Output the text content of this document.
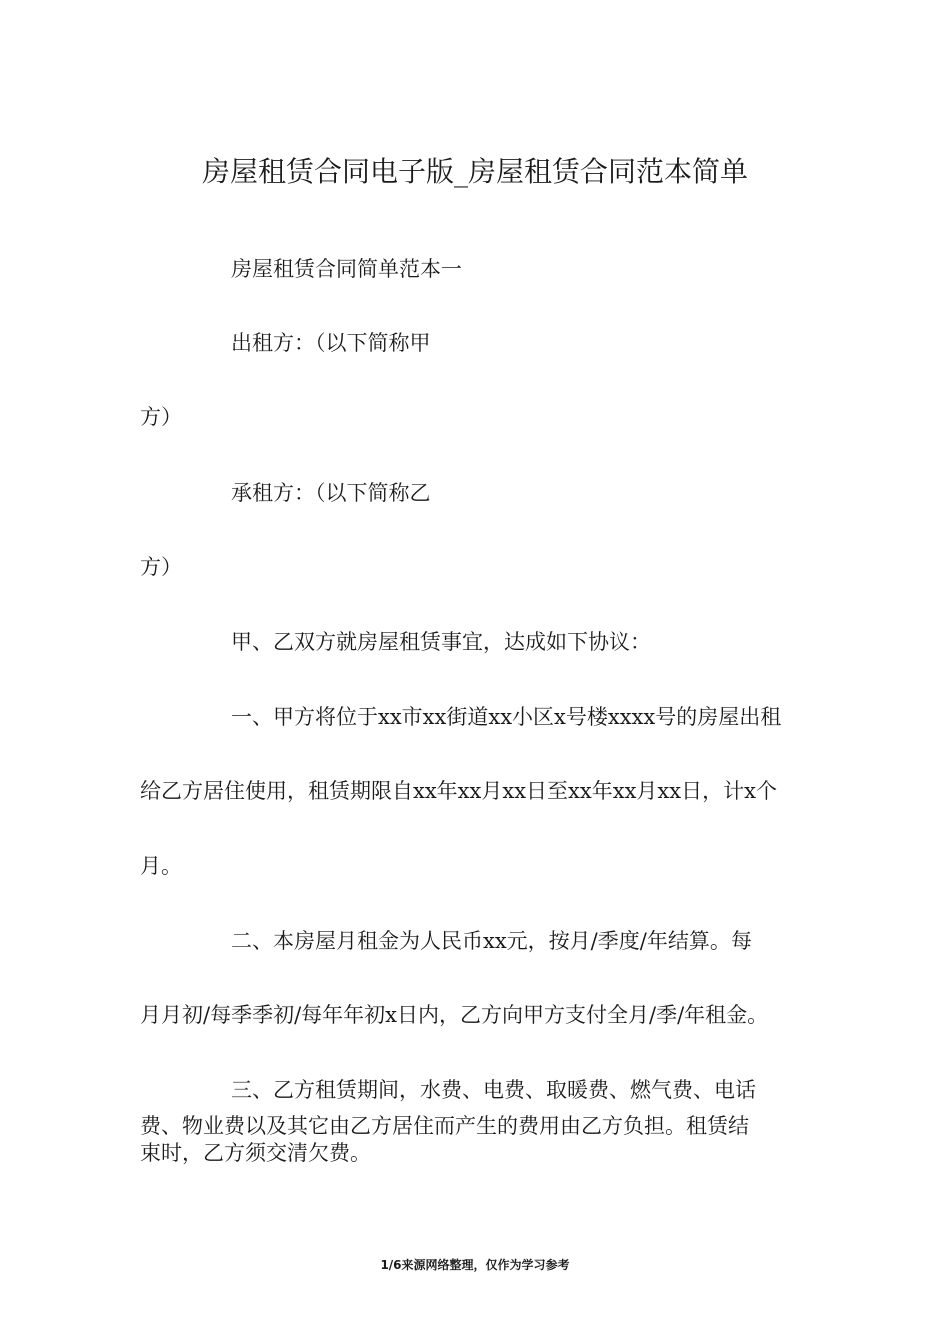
房屋租赁合同电子版_房屋租赁合同范本简单

房屋租赁合同简单范本一

出租方：（以下简称甲

方）

承租方：（以下简称乙

方）

甲、乙双方就房屋租赁事宜，达成如下协议：

一、甲方将位于xx市xx街道xx小区x号楼xxxx号的房屋出租

给乙方居住使用，租赁期限自xx年xx月xx日至xx年xx月xx日，计x个

月。

二、本房屋月租金为人民币xx元，按月/季度/年结算。每

月月初/每季季初/每年年初x日内，乙方向甲方支付全月/季/年租金。

三、乙方租赁期间，水费、电费、取暖费、燃气费、电话

费、物业费以及其它由乙方居住而产生的费用由乙方负担。租赁结

束时，乙方须交清欠费。

1/6来源网络整理，仅作为学习参考
